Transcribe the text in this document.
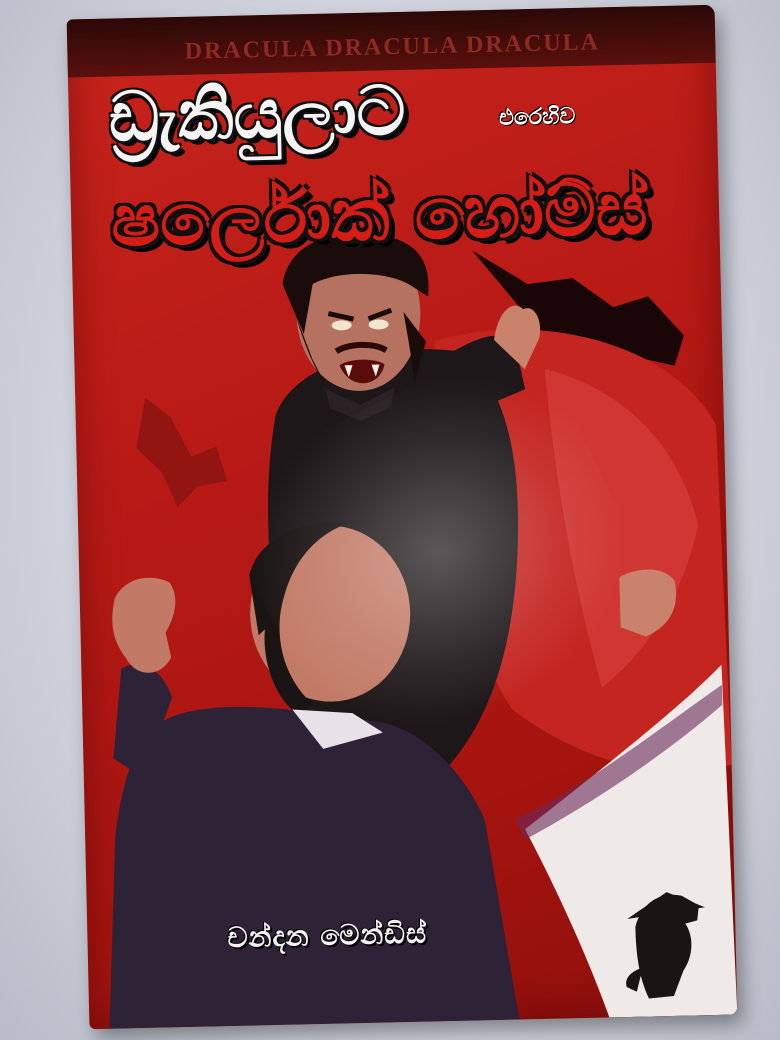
DRACULA DRACULA DRACULA
ඩ්‍රැකියුලාට	එරෙහිව
ෂර්ලොක් හෝම්ස්
චන්දන මෙන්ඩිස්
